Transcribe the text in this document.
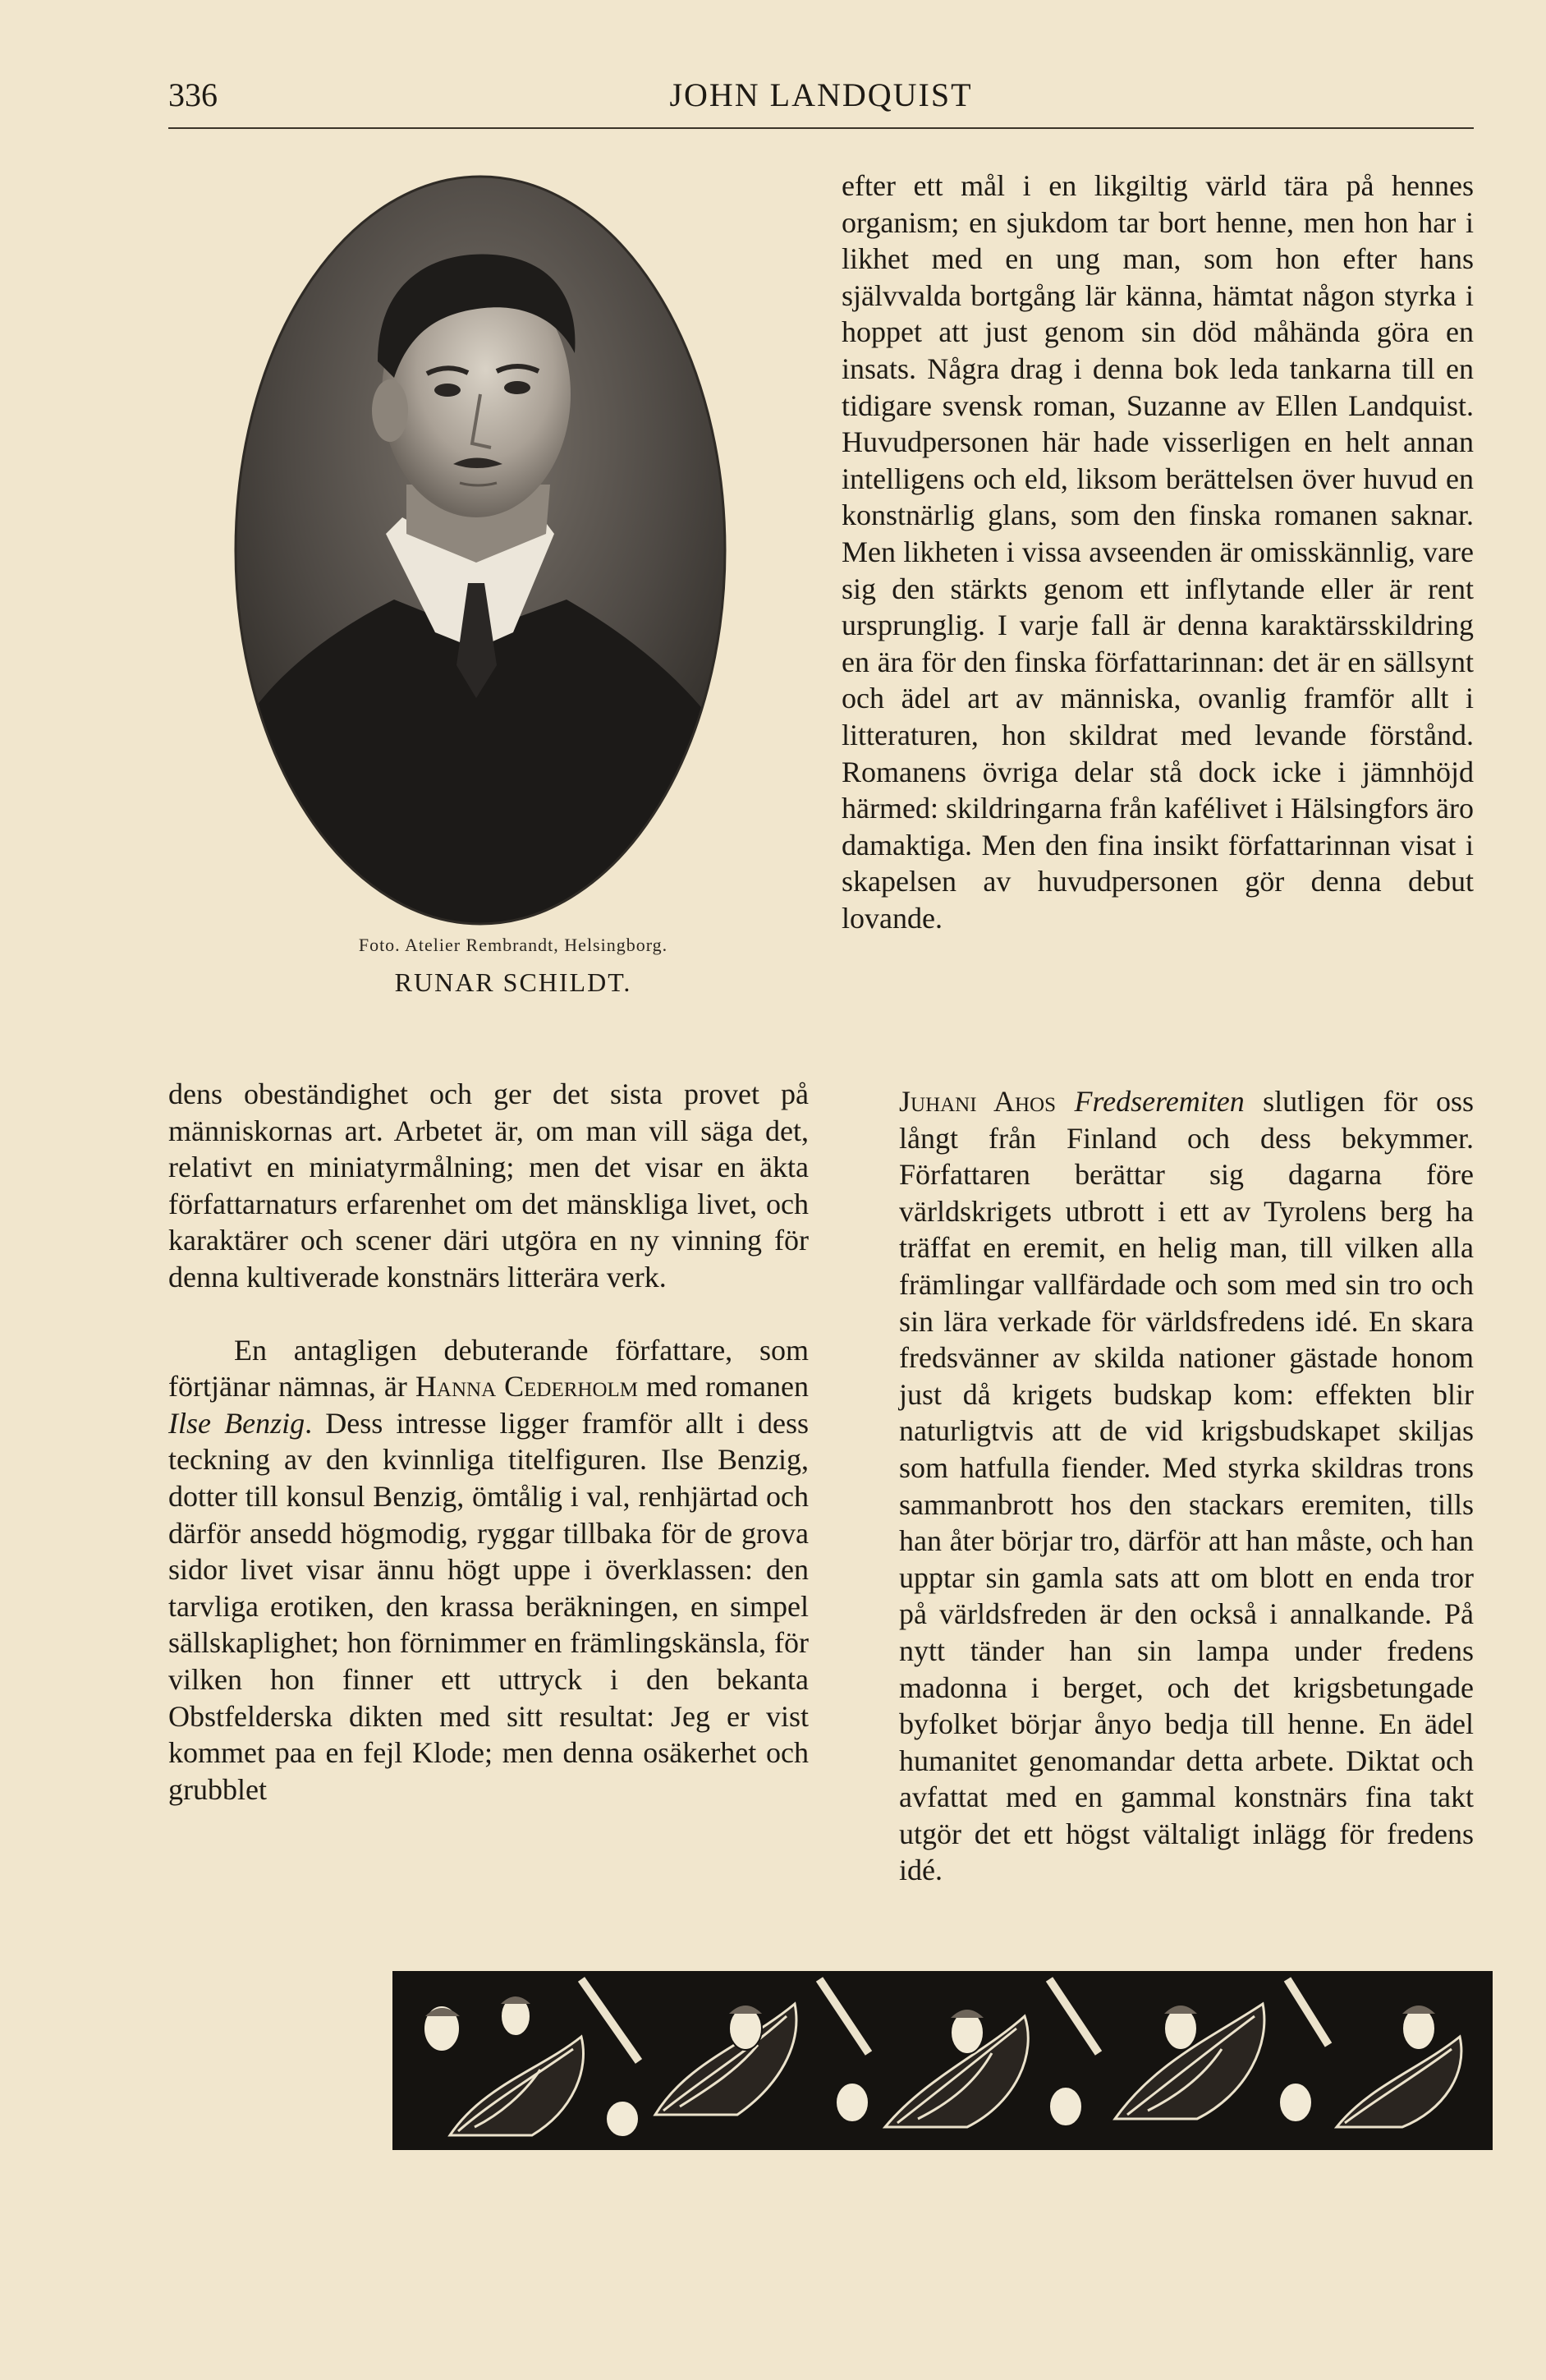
336	JOHN LANDQUIST
Foto. Atelier Rembrandt, Helsingborg.
RUNAR SCHILDT.

efter ett mål i en likgiltig värld tära på hennes organism; en sjukdom tar bort henne, men hon har i likhet med en ung man, som hon efter hans självvalda bortgång lär känna, hämtat någon styrka i hoppet att just genom sin död måhända göra en insats. Några drag i denna bok leda tankarna till en tidigare svensk roman, Suzanne av Ellen Landquist. Huvudpersonen här hade visserligen en helt annan intelligens och eld, liksom berättelsen över huvud en konstnärlig glans, som den finska romanen saknar. Men likheten i vissa avseenden är omisskännlig, vare sig den stärkts genom ett inflytande eller är rent ursprunglig. I varje fall är denna karaktärsskildring en ära för den finska författarinnan: det är en sällsynt och ädel art av människa, ovanlig framför allt i litteraturen, hon skildrat med levande förstånd. Romanens övriga delar stå dock icke i jämnhöjd härmed: skildringarna från kafélivet i Hälsingfors äro damaktiga. Men den fina insikt författarinnan visat i skapelsen av huvudpersonen gör denna debut lovande.

dens obeständighet och ger det sista provet på människornas art. Arbetet är, om man vill säga det, relativt en miniatyrmålning; men det visar en äkta författarnaturs erfarenhet om det mänskliga livet, och karaktärer och scener däri utgöra en ny vinning för denna kultiverade konstnärs litterära verk.

En antagligen debuterande författare, som förtjänar nämnas, är Hanna Cederholm med romanen Ilse Benzig. Dess intresse ligger framför allt i dess teckning av den kvinnliga titelfiguren. Ilse Benzig, dotter till konsul Benzig, ömtålig i val, renhjärtad och därför ansedd högmodig, ryggar tillbaka för de grova sidor livet visar ännu högt uppe i överklassen: den tarvliga erotiken, den krassa beräkningen, en simpel sällskaplighet; hon förnimmer en främlingskänsla, för vilken hon finner ett uttryck i den bekanta Obstfelderska dikten med sitt resultat: Jeg er vist kommet paa en fejl Klode; men denna osäkerhet och grubblet

Juhani Ahos Fredseremiten slutligen för oss långt från Finland och dess bekymmer. Författaren berättar sig dagarna före världskrigets utbrott i ett av Tyrolens berg ha träffat en eremit, en helig man, till vilken alla främlingar vallfärdade och som med sin tro och sin lära verkade för världsfredens idé. En skara fredsvänner av skilda nationer gästade honom just då krigets budskap kom: effekten blir naturligtvis att de vid krigsbudskapet skiljas som hatfulla fiender. Med styrka skildras trons sammanbrott hos den stackars eremiten, tills han åter börjar tro, därför att han måste, och han upptar sin gamla sats att om blott en enda tror på världsfreden är den också i annalkande. På nytt tänder han sin lampa under fredens madonna i berget, och det krigsbetungade byfolket börjar ånyo bedja till henne. En ädel humanitet genomandar detta arbete. Diktat och avfattat med en gammal konstnärs fina takt utgör det ett högst vältaligt inlägg för fredens idé.
